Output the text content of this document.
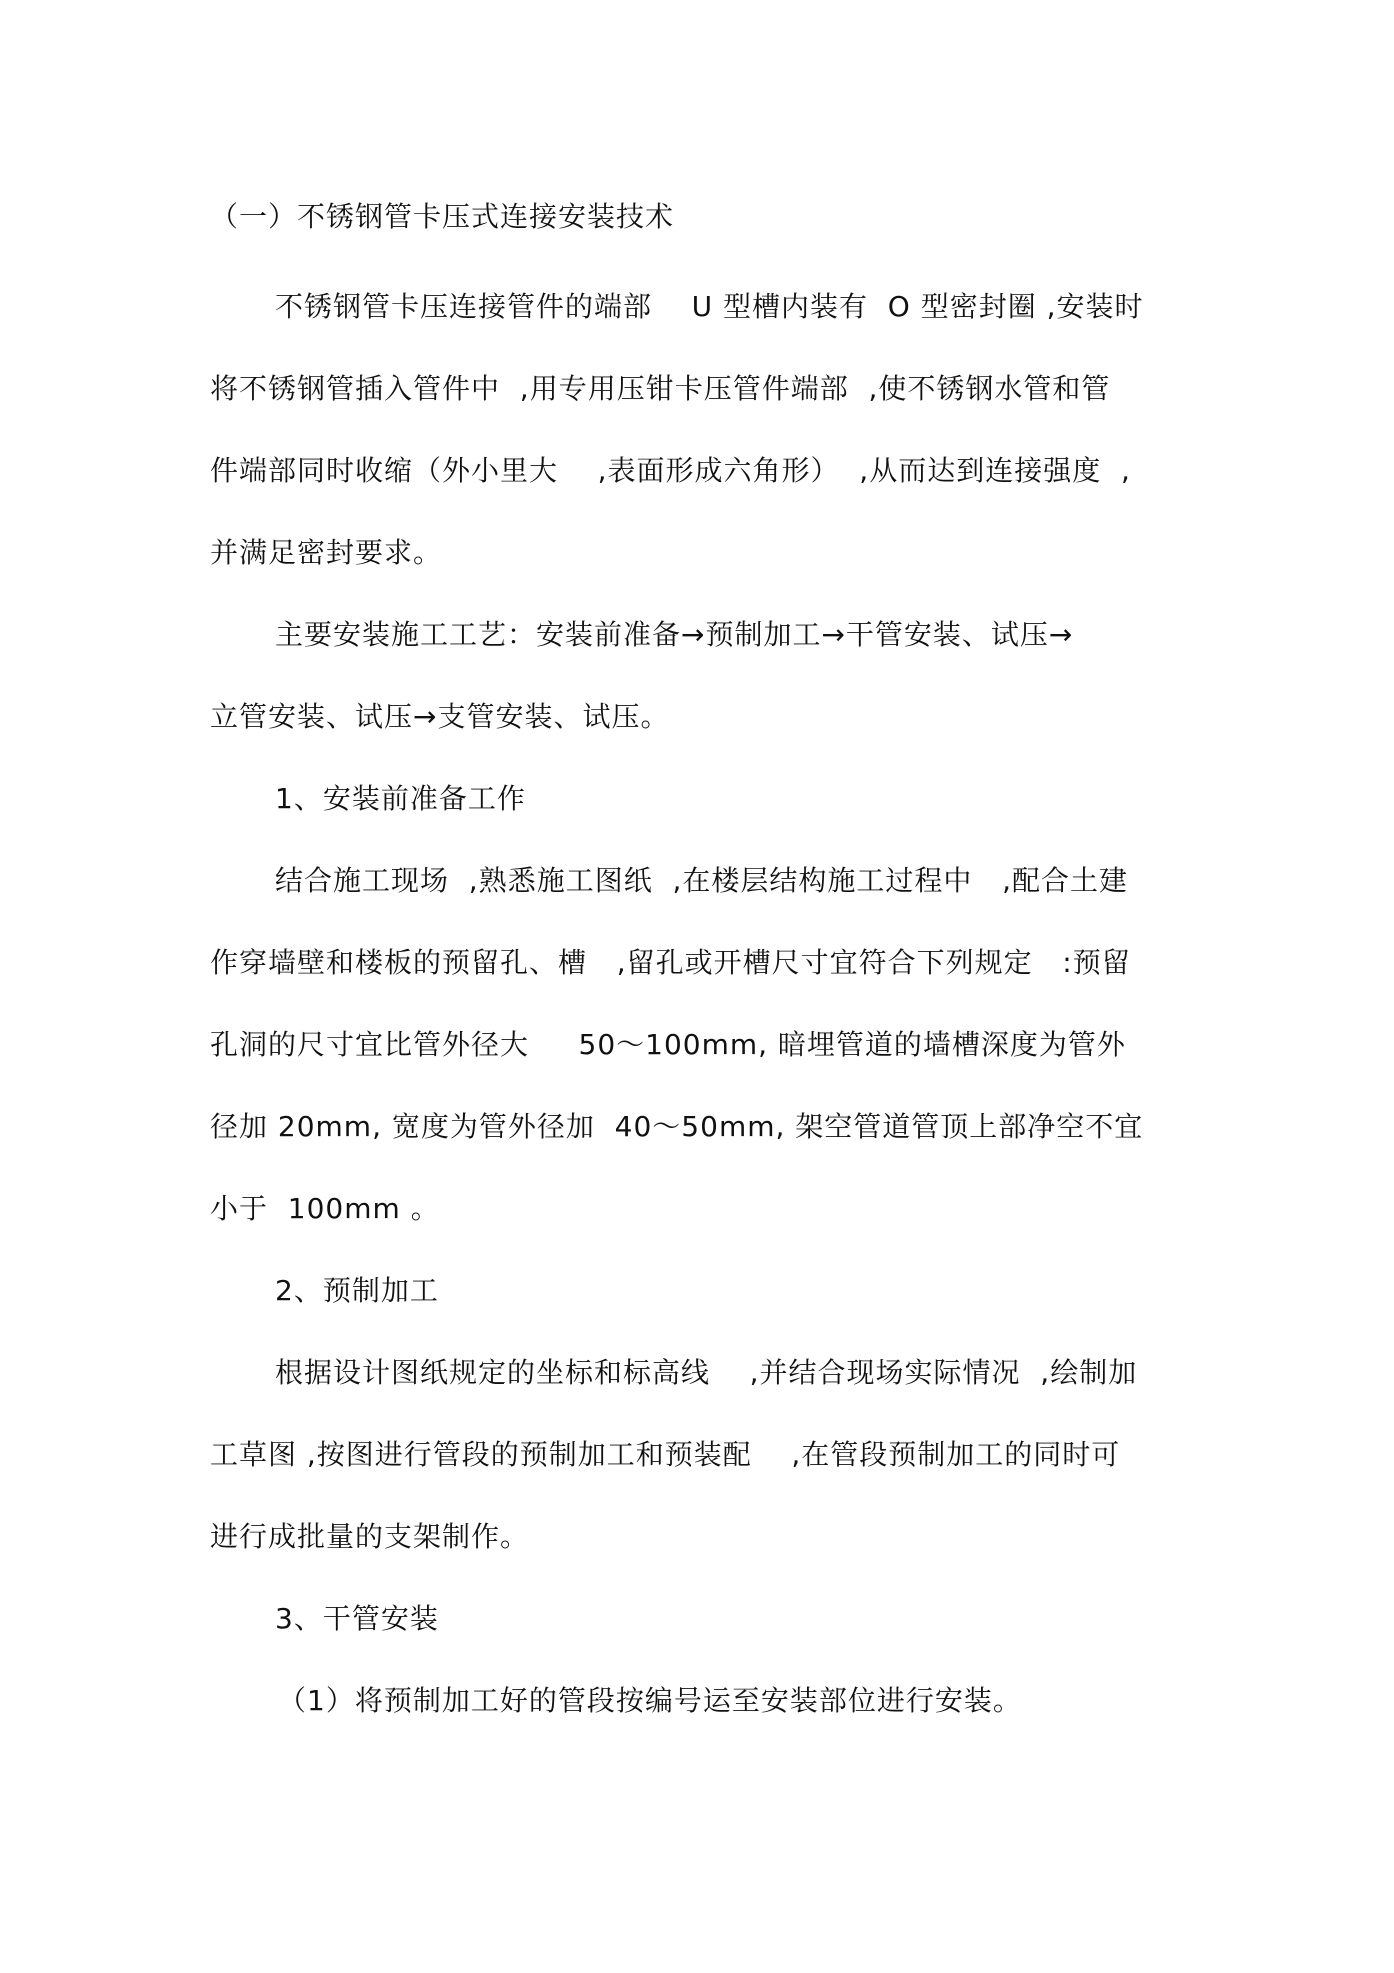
（一）不锈钢管卡压式连接安装技术
不锈钢管卡压连接管件的端部    U 型槽内装有  O 型密封圈 ,安装时
将不锈钢管插入管件中  ,用专用压钳卡压管件端部  ,使不锈钢水管和管
件端部同时收缩（外小里大    ,表面形成六角形）  ,从而达到连接强度  ,
并满足密封要求。
主要安装施工工艺：安装前准备→预制加工→干管安装、试压→
立管安装、试压→支管安装、试压。
1、安装前准备工作
结合施工现场  ,熟悉施工图纸  ,在楼层结构施工过程中   ,配合土建
作穿墙壁和楼板的预留孔、槽   ,留孔或开槽尺寸宜符合下列规定   :预留
孔洞的尺寸宜比管外径大     50～100mm, 暗埋管道的墙槽深度为管外
径加 20mm, 宽度为管外径加  40～50mm, 架空管道管顶上部净空不宜
小于  100mm 。
2、预制加工
根据设计图纸规定的坐标和标高线    ,并结合现场实际情况  ,绘制加
工草图 ,按图进行管段的预制加工和预装配    ,在管段预制加工的同时可
进行成批量的支架制作。
3、干管安装
（1）将预制加工好的管段按编号运至安装部位进行安装。
